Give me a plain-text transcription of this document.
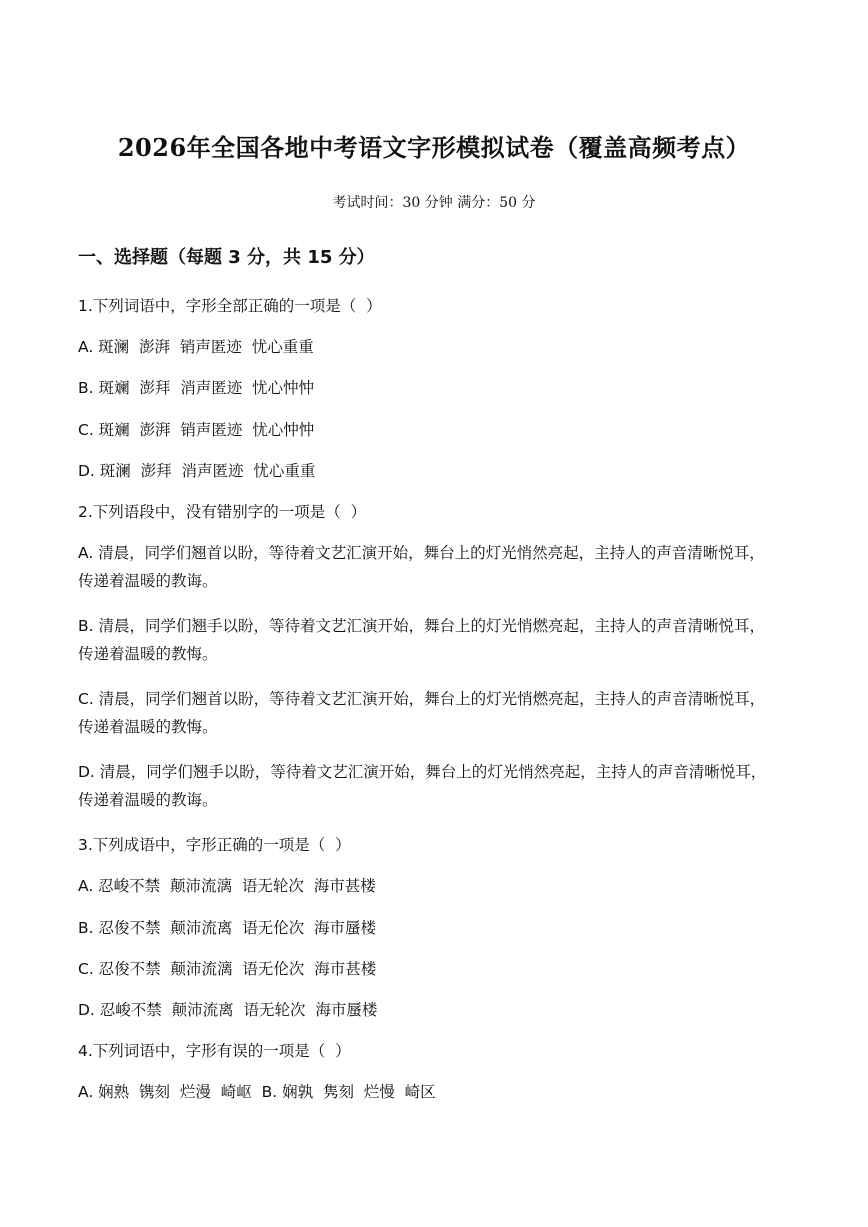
2026年全国各地中考语文字形模拟试卷（覆盖高频考点）

考试时间：30 分钟 满分：50 分

一、选择题（每题 3 分，共 15 分）

1.下列词语中，字形全部正确的一项是（  ）

A. 斑澜  澎湃  销声匿迹  忧心重重

B. 斑斓  澎拜  消声匿迹  忧心忡忡

C. 斑斓  澎湃  销声匿迹  忧心忡忡

D. 斑澜  澎拜  消声匿迹  忧心重重

2.下列语段中，没有错别字的一项是（  ）

A. 清晨，同学们翘首以盼，等待着文艺汇演开始，舞台上的灯光悄然亮起，主持人的声音清晰悦耳，
传递着温暖的教诲。
B. 清晨，同学们翘手以盼，等待着文艺汇演开始，舞台上的灯光悄燃亮起，主持人的声音清晰悦耳，
传递着温暖的教悔。
C. 清晨，同学们翘首以盼，等待着文艺汇演开始，舞台上的灯光悄燃亮起，主持人的声音清晰悦耳，
传递着温暖的教悔。
D. 清晨，同学们翘手以盼，等待着文艺汇演开始，舞台上的灯光悄然亮起，主持人的声音清晰悦耳，
传递着温暖的教诲。

3.下列成语中，字形正确的一项是（  ）

A. 忍峻不禁  颠沛流漓  语无轮次  海市甚楼

B. 忍俊不禁  颠沛流离  语无伦次  海市蜃楼

C. 忍俊不禁  颠沛流漓  语无伦次  海市甚楼

D. 忍峻不禁  颠沛流离  语无轮次  海市蜃楼

4.下列词语中，字形有误的一项是（  ）

A. 娴熟  镌刻  烂漫  崎岖  B. 娴孰  隽刻  烂慢  崎区
